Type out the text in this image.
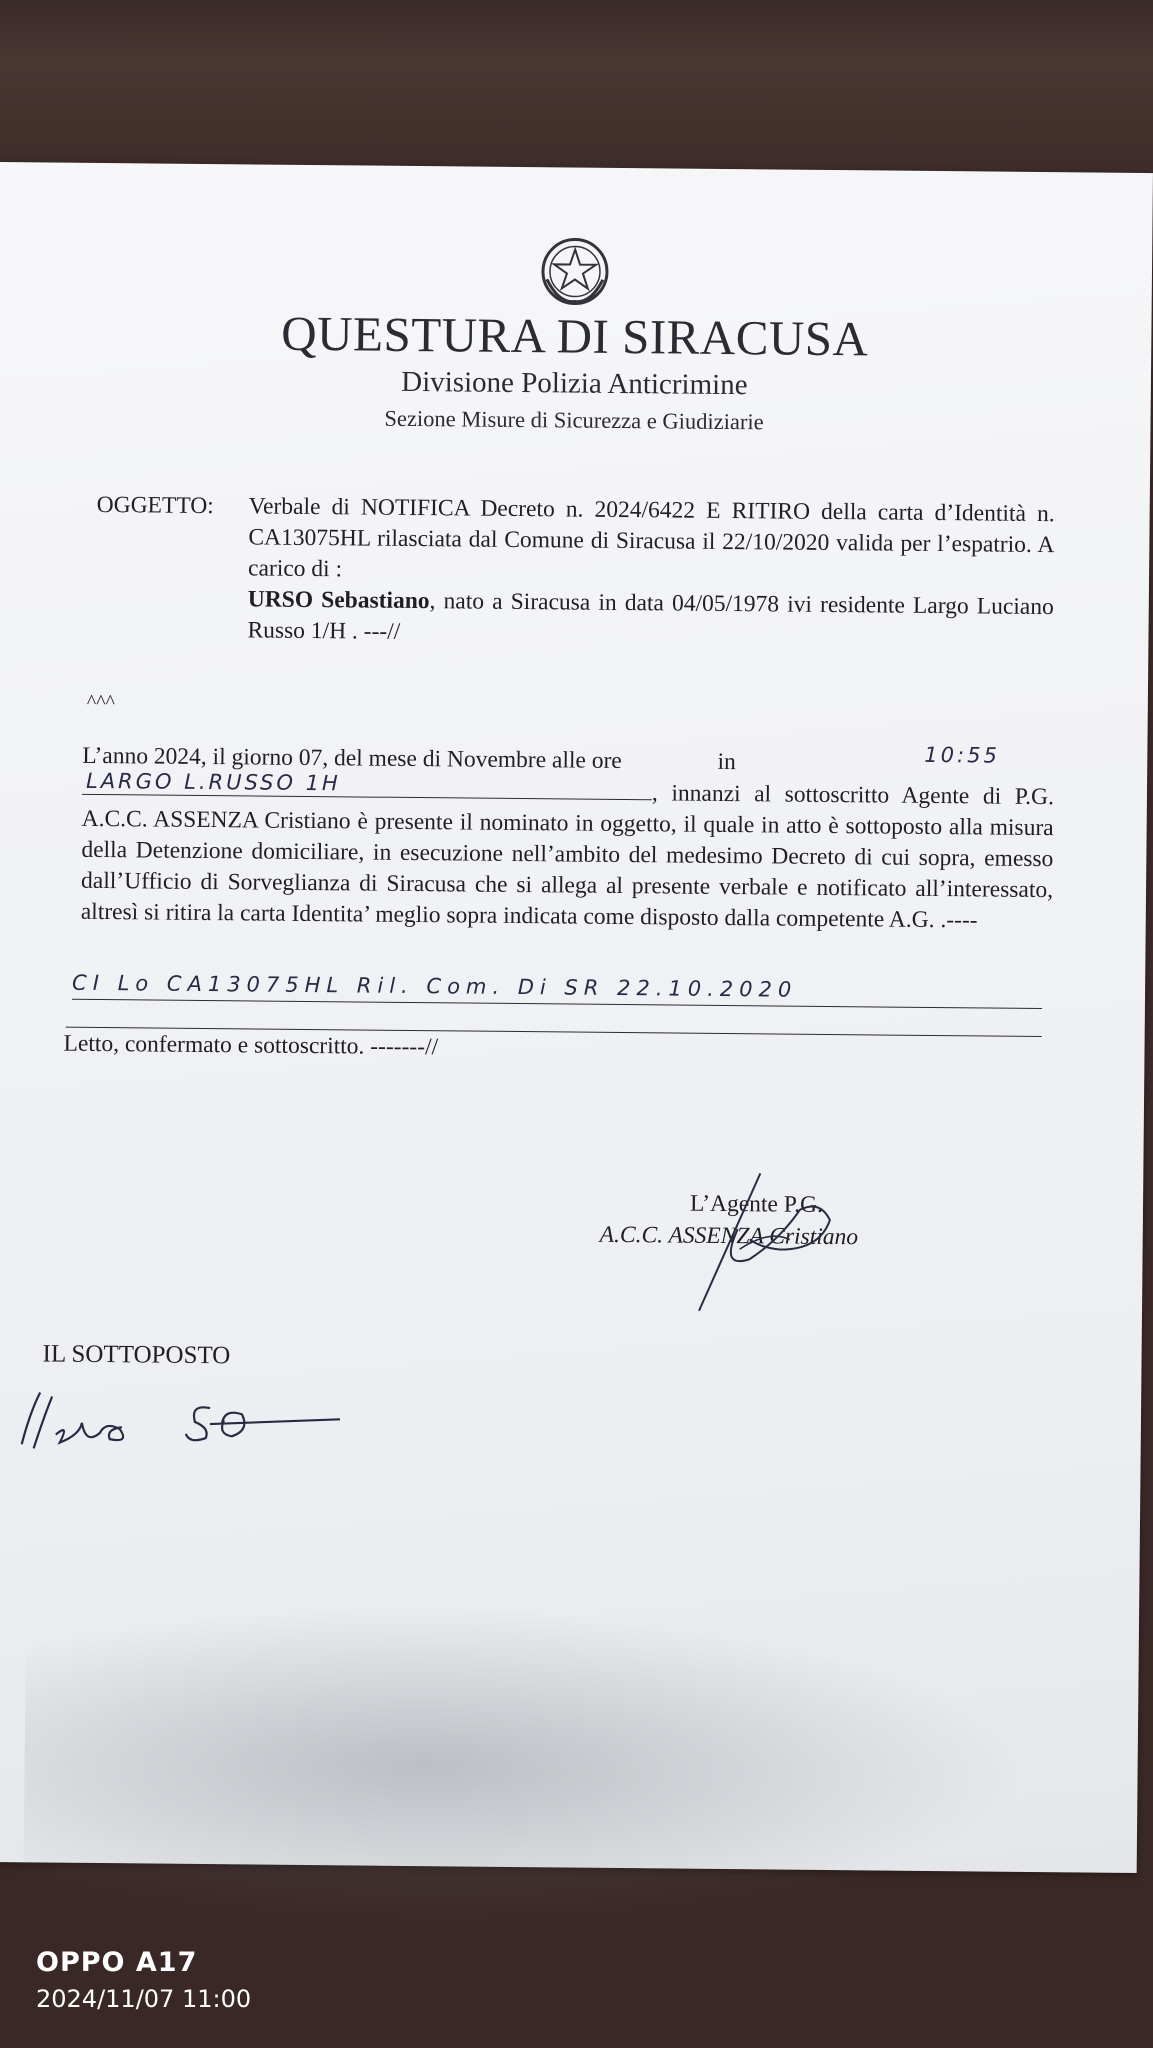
QUESTURA DI SIRACUSA
Divisione Polizia Anticrimine
Sezione Misure di Sicurezza e Giudiziarie
OGGETTO: Verbale di NOTIFICA Decreto n. 2024/6422 E RITIRO della carta d’Identità n. CA13075HL rilasciata dal Comune di Siracusa il 22/10/2020 valida per l’espatrio. A carico di :
URSO Sebastiano, nato a Siracusa in data 04/05/1978 ivi residente Largo Luciano Russo 1/H . ---//
^^^
L’anno 2024, il giorno 07, del mese di Novembre alle ore	in
, innanzi al sottoscritto Agente di P.G. A.C.C. ASSENZA Cristiano è presente il nominato in oggetto, il quale in atto è sottoposto alla misura della Detenzione domiciliare, in esecuzione nell’ambito del medesimo Decreto di cui sopra, emesso dall’Ufficio di Sorveglianza di Siracusa che si allega al presente verbale e notificato all’interessato, altresì si ritira la carta Identita’ meglio sopra indicata come disposto dalla competente A.G. .----
10:55
LARGO L.RUSSO 1H
CI Lo CA13075HL Ril. Com. Di SR 22.10.2020
Letto, confermato e sottoscritto. -------//
L’Agente P.G.
A.C.C. ASSENZA Cristiano
IL SOTTOPOSTO
OPPO A17
2024/11/07 11:00
